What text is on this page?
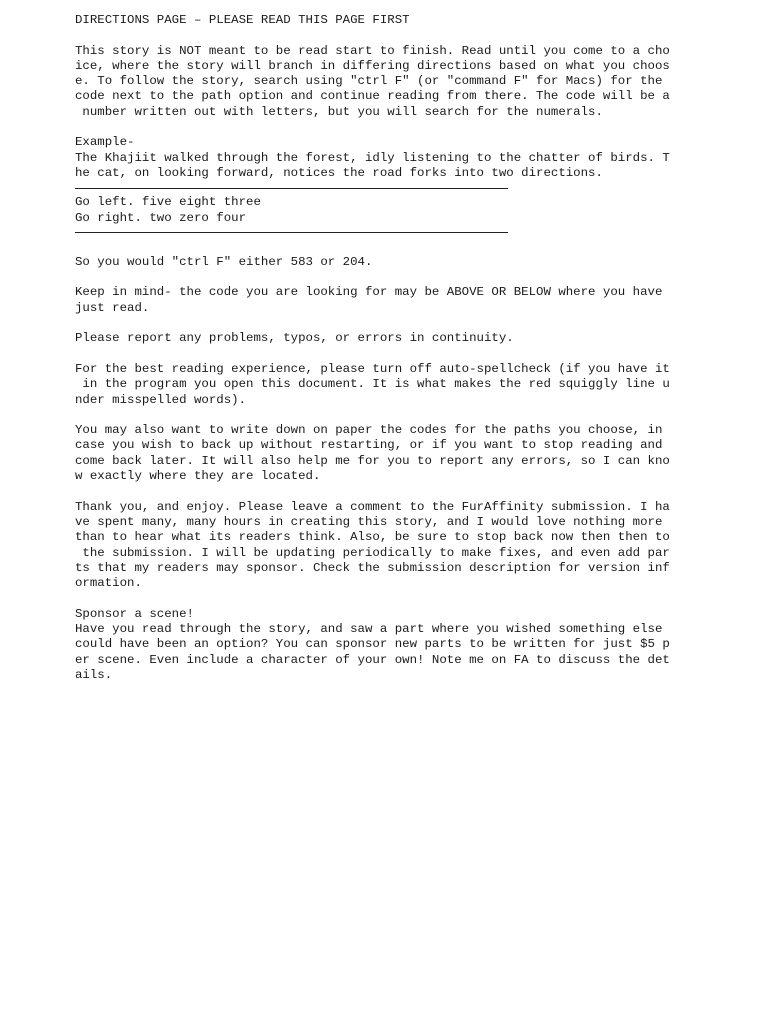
DIRECTIONS PAGE – PLEASE READ THIS PAGE FIRST
This story is NOT meant to be read start to finish. Read until you come to a cho
ice, where the story will branch in differing directions based on what you choos
e. To follow the story, search using "ctrl F" (or "command F" for Macs) for the
code next to the path option and continue reading from there. The code will be a
number written out with letters, but you will search for the numerals.
Example-
The Khajiit walked through the forest, idly listening to the chatter of birds. T
he cat, on looking forward, notices the road forks into two directions.
Go left. five eight three
Go right. two zero four
So you would "ctrl F" either 583 or 204.
Keep in mind- the code you are looking for may be ABOVE OR BELOW where you have
just read.
Please report any problems, typos, or errors in continuity.
For the best reading experience, please turn off auto-spellcheck (if you have it
in the program you open this document. It is what makes the red squiggly line u
nder misspelled words).
You may also want to write down on paper the codes for the paths you choose, in
case you wish to back up without restarting, or if you want to stop reading and
come back later. It will also help me for you to report any errors, so I can kno
w exactly where they are located.
Thank you, and enjoy. Please leave a comment to the FurAffinity submission. I ha
ve spent many, many hours in creating this story, and I would love nothing more
than to hear what its readers think. Also, be sure to stop back now then then to
the submission. I will be updating periodically to make fixes, and even add par
ts that my readers may sponsor. Check the submission description for version inf
ormation.
Sponsor a scene!
Have you read through the story, and saw a part where you wished something else
could have been an option? You can sponsor new parts to be written for just $5 p
er scene. Even include a character of your own! Note me on FA to discuss the det
ails.
